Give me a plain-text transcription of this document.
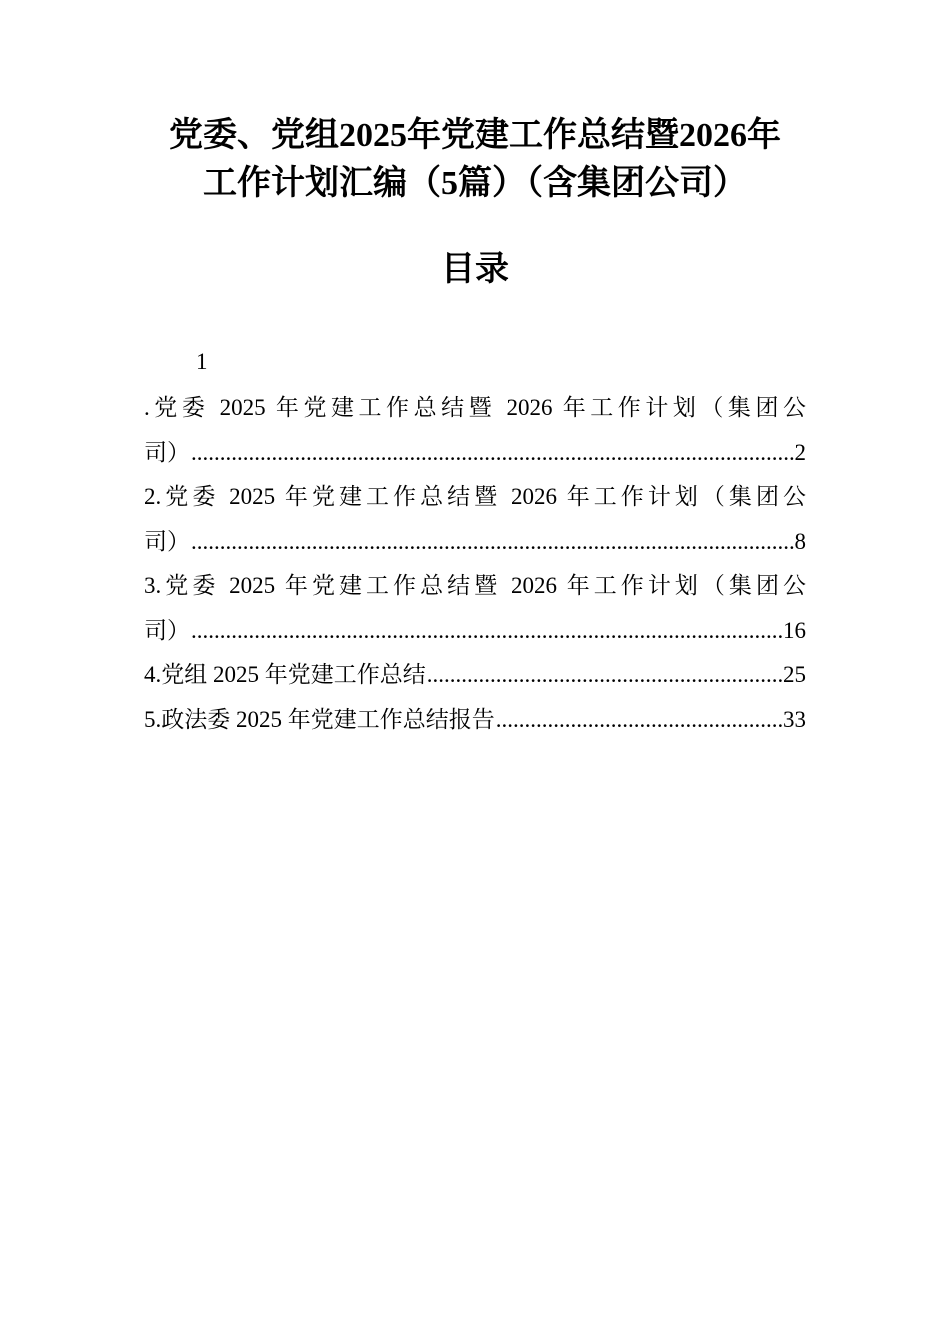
党委、党组2025年党建工作总结暨2026年
工作计划汇编（5篇）（含集团公司）
目录
1
.党委 2025 年党建工作总结暨 2026 年工作计划（集团公
司） .....	2
2.党委 2025 年党建工作总结暨 2026 年工作计划（集团公
司） .....	8
3.党委 2025 年党建工作总结暨 2026 年工作计划（集团公
司） .....	16
4.党组 2025 年党建工作总结 .....	25
5.政法委 2025 年党建工作总结报告 .....	33
